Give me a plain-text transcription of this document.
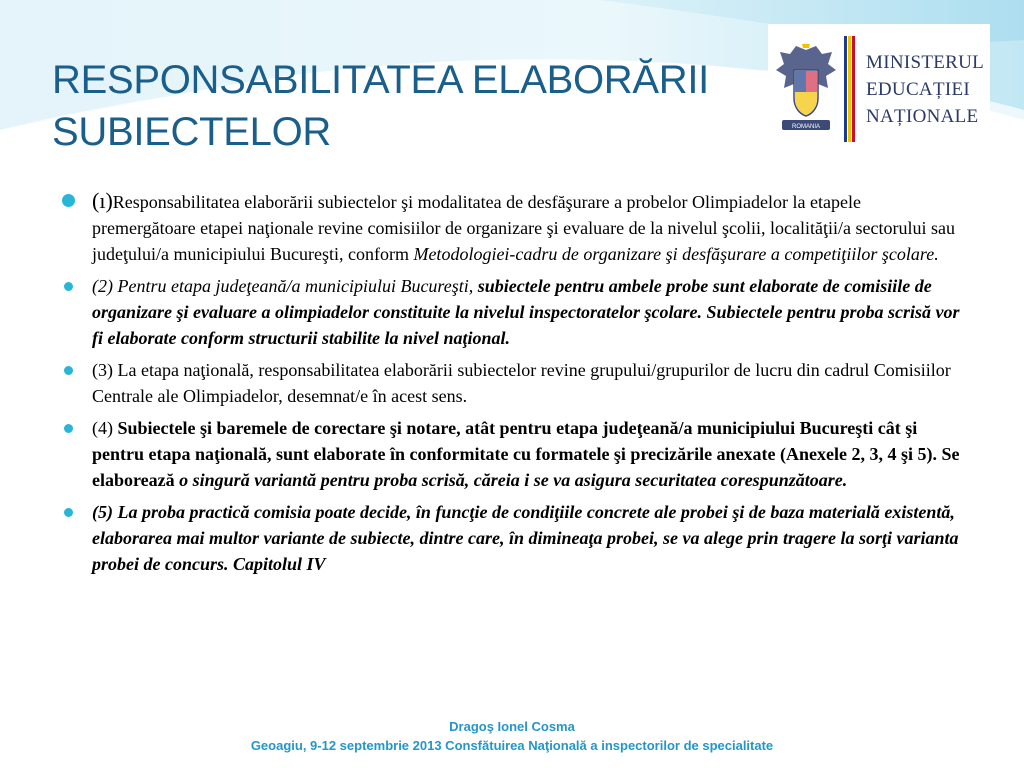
RESPONSABILITATEA ELABORĂRII
SUBIECTELOR	ROMANIA
MINISTERUL
EDUCAȚIEI
NAȚIONALE
(ı)Responsabilitatea elaborării subiectelor şi modalitatea de desfăşurare a probelor Olimpiadelor la etapele premergătoare etapei naţionale revine comisiilor de organizare şi evaluare de la nivelul şcolii, localităţii/a sectorului sau judeţului/a municipiului Bucureşti, conform Metodologiei-cadru de organizare şi desfăşurare a competiţiilor şcolare.
(2) Pentru etapa judeţeană/a municipiului Bucureşti, subiectele pentru ambele probe sunt elaborate de comisiile de organizare şi evaluare a olimpiadelor constituite la nivelul inspectoratelor şcolare. Subiectele pentru proba scrisă vor fi elaborate conform structurii stabilite la nivel naţional.
(3) La etapa naţională, responsabilitatea elaborării subiectelor revine grupului/grupurilor de lucru din cadrul Comisiilor Centrale ale Olimpiadelor, desemnat/e în acest sens.
(4) Subiectele şi baremele de corectare şi notare, atât pentru etapa judeţeană/a municipiului Bucureşti cât şi pentru etapa naţională, sunt elaborate în conformitate cu formatele şi precizările anexate (Anexele 2, 3, 4 şi 5). Se elaborează o singură variantă pentru proba scrisă, căreia i se va asigura securitatea corespunzătoare.
(5) La proba practică comisia poate decide, în funcţie de condiţiile concrete ale probei şi de baza materială existentă, elaborarea mai multor variante de subiecte, dintre care, în dimineaţa probei, se va alege prin tragere la sorţi varianta probei de concurs. Capitolul IV
Dragoş Ionel Cosma
Geoagiu, 9-12 septembrie 2013 Consfătuirea Naţională a inspectorilor de specialitate
